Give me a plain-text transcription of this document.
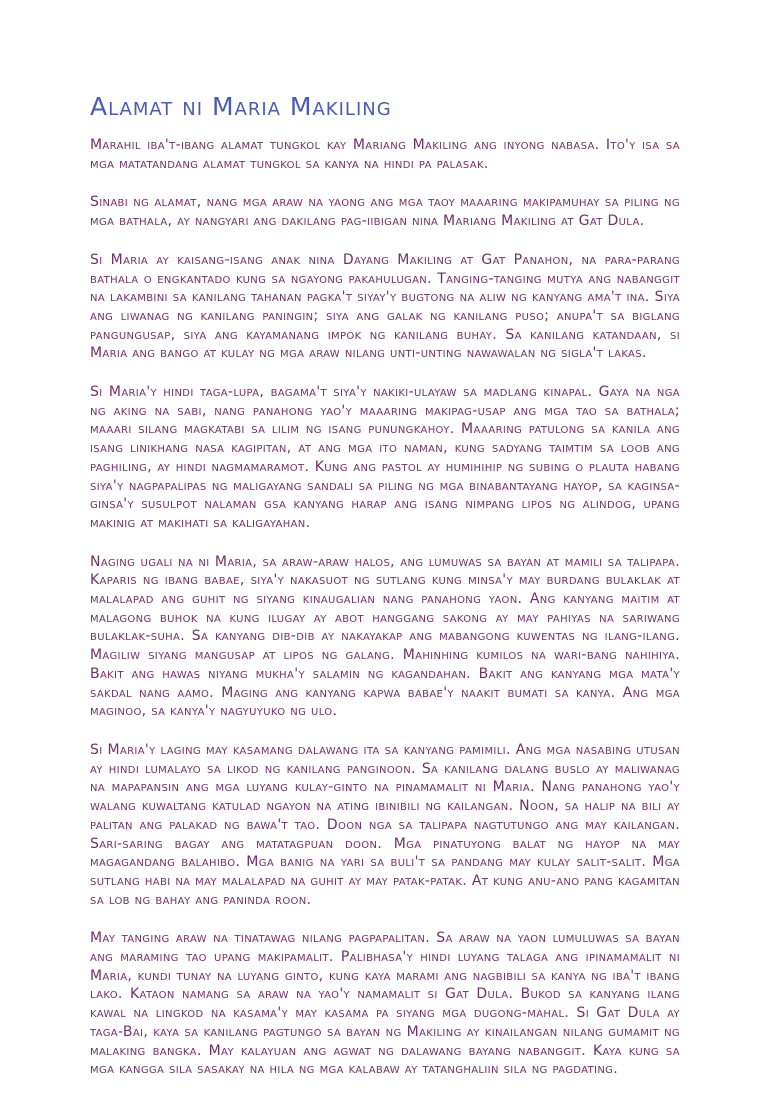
Alamat ni Maria Makiling

Marahil iba't-ibang alamat tungkol kay Mariang Makiling ang inyong nabasa. Ito'y isa sa mga matatandang alamat tungkol sa kanya na hindi pa palasak.

Sinabi ng alamat, nang mga araw na yaong ang mga taoy maaaring makipamuhay sa piling ng mga bathala, ay nangyari ang dakilang pag-iibigan nina Mariang Makiling at Gat Dula.

Si Maria ay kaisang-isang anak nina Dayang Makiling at Gat Panahon, na para-parang bathala o engkantado kung sa ngayong pakahulugan. Tanging-tanging mutya ang nabanggit na lakambini sa kanilang tahanan pagka't siyay'y bugtong na aliw ng kanyang ama't ina. Siya ang liwanag ng kanilang paningin; siya ang galak ng kanilang puso; anupa't sa biglang pangungusap, siya ang kayamanang impok ng kanilang buhay. Sa kanilang katandaan, si Maria ang bango at kulay ng mga araw nilang unti-unting nawawalan ng sigla't lakas.

Si Maria'y hindi taga-lupa, bagama't siya'y nakiki-ulayaw sa madlang kinapal. Gaya na nga ng aking na sabi, nang panahong yao'y maaaring makipag-usap ang mga tao sa bathala; maaari silang magkatabi sa lilim ng isang punungkahoy. Maaaring patulong sa kanila ang isang linikhang nasa kagipitan, at ang mga ito naman, kung sadyang taimtim sa loob ang paghiling, ay hindi nagmamaramot. Kung ang pastol ay humihihip ng subing o plauta habang siya'y nagpapalipas ng maligayang sandali sa piling ng mga binabantayang hayop, sa kaginsa-ginsa'y susulpot nalaman gsa kanyang harap ang isang nimpang lipos ng alindog, upang makinig at makihati sa kaligayahan.

Naging ugali na ni Maria, sa araw-araw halos, ang lumuwas sa bayan at mamili sa talipapa. Kaparis ng ibang babae, siya'y nakasuot ng sutlang kung minsa'y may burdang bulaklak at malalapad ang guhit ng siyang kinaugalian nang panahong yaon. Ang kanyang maitim at malagong buhok na kung ilugay ay abot hanggang sakong ay may pahiyas na sariwang bulaklak-suha. Sa kanyang dib-dib ay nakayakap ang mabangong kuwentas ng ilang-ilang. Magiliw siyang mangusap at lipos ng galang. Mahinhing kumilos na wari-bang nahihiya. Bakit ang hawas niyang mukha'y salamin ng kagandahan. Bakit ang kanyang mga mata'y sakdal nang aamo. Maging ang kanyang kapwa babae'y naakit bumati sa kanya. Ang mga maginoo, sa kanya'y nagyuyuko ng ulo.

Si Maria'y laging may kasamang dalawang ita sa kanyang pamimili. Ang mga nasabing utusan ay hindi lumalayo sa likod ng kanilang panginoon. Sa kanilang dalang buslo ay maliwanag na mapapansin ang mga luyang kulay-ginto na pinamamalit ni Maria. Nang panahong yao'y walang kuwaltang katulad ngayon na ating ibinibili ng kailangan. Noon, sa halip na bili ay palitan ang palakad ng bawa't tao. Doon nga sa talipapa nagtutungo ang may kailangan. Sari-saring bagay ang matatagpuan doon. Mga pinatuyong balat ng hayop na may magagandang balahibo. Mga banig na yari sa buli't sa pandang may kulay salit-salit. Mga sutlang habi na may malalapad na guhit ay may patak-patak. At kung anu-ano pang kagamitan sa lob ng bahay ang paninda roon.

May tanging araw na tinatawag nilang pagpapalitan. Sa araw na yaon lumuluwas sa bayan ang maraming tao upang makipamalit. Palibhasa'y hindi luyang talaga ang ipinamamalit ni Maria, kundi tunay na luyang ginto, kung kaya marami ang nagbibili sa kanya ng iba't ibang lako. Kataon namang sa araw na yao'y namamalit si Gat Dula. Bukod sa kanyang ilang kawal na lingkod na kasama'y may kasama pa siyang mga dugong-mahal. Si Gat Dula ay taga-Bai, kaya sa kanilang pagtungo sa bayan ng Makiling ay kinailangan nilang gumamit ng malaking bangka. May kalayuan ang agwat ng dalawang bayang nabanggit. Kaya kung sa mga kangga sila sasakay na hila ng mga kalabaw ay tatanghaliin sila ng pagdating.
